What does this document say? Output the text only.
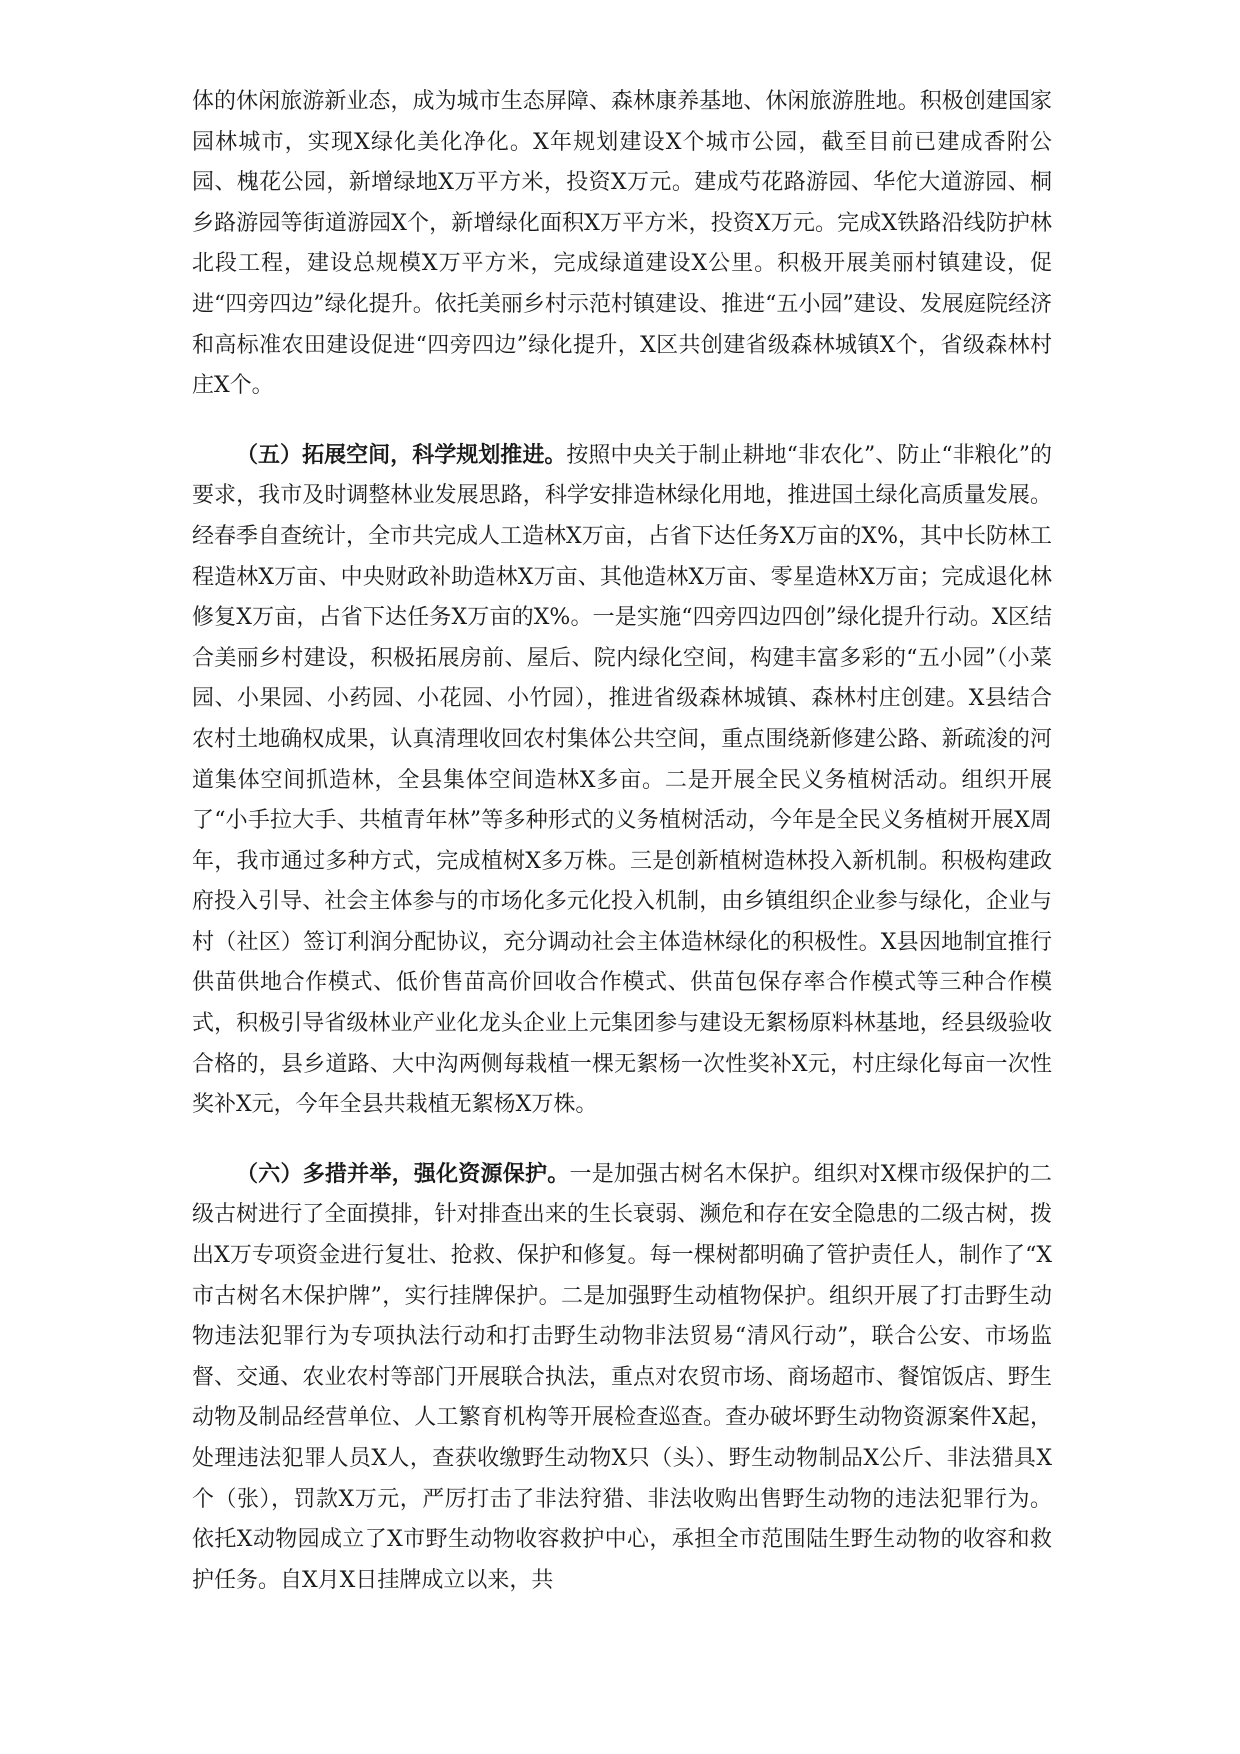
体的休闲旅游新业态，成为城市生态屏障、森林康养基地、休闲旅游胜地。积极创建国家园林城市，实现X绿化美化净化。X年规划建设X个城市公园，截至目前已建成香附公园、槐花公园，新增绿地X万平方米，投资X万元。建成芍花路游园、华佗大道游园、桐乡路游园等街道游园X个，新增绿化面积X万平方米，投资X万元。完成X铁路沿线防护林北段工程，建设总规模X万平方米，完成绿道建设X公里。积极开展美丽村镇建设，促进“四旁四边”绿化提升。依托美丽乡村示范村镇建设、推进“五小园”建设、发展庭院经济和高标准农田建设促进“四旁四边”绿化提升，X区共创建省级森林城镇X个，省级森林村庄X个。

（五）拓展空间，科学规划推进。按照中央关于制止耕地“非农化”、防止“非粮化”的要求，我市及时调整林业发展思路，科学安排造林绿化用地，推进国土绿化高质量发展。经春季自查统计，全市共完成人工造林X万亩，占省下达任务X万亩的X%，其中长防林工程造林X万亩、中央财政补助造林X万亩、其他造林X万亩、零星造林X万亩；完成退化林修复X万亩，占省下达任务X万亩的X%。一是实施“四旁四边四创”绿化提升行动。X区结合美丽乡村建设，积极拓展房前、屋后、院内绿化空间，构建丰富多彩的“五小园”（小菜园、小果园、小药园、小花园、小竹园），推进省级森林城镇、森林村庄创建。X县结合农村土地确权成果，认真清理收回农村集体公共空间，重点围绕新修建公路、新疏浚的河道集体空间抓造林，全县集体空间造林X多亩。二是开展全民义务植树活动。组织开展了“小手拉大手、共植青年林”等多种形式的义务植树活动，今年是全民义务植树开展X周年，我市通过多种方式，完成植树X多万株。三是创新植树造林投入新机制。积极构建政府投入引导、社会主体参与的市场化多元化投入机制，由乡镇组织企业参与绿化，企业与村（社区）签订利润分配协议，充分调动社会主体造林绿化的积极性。X县因地制宜推行供苗供地合作模式、低价售苗高价回收合作模式、供苗包保存率合作模式等三种合作模式，积极引导省级林业产业化龙头企业上元集团参与建设无絮杨原料林基地，经县级验收合格的，县乡道路、大中沟两侧每栽植一棵无絮杨一次性奖补X元，村庄绿化每亩一次性奖补X元，今年全县共栽植无絮杨X万株。

（六）多措并举，强化资源保护。一是加强古树名木保护。组织对X棵市级保护的二级古树进行了全面摸排，针对排查出来的生长衰弱、濒危和存在安全隐患的二级古树，拨出X万专项资金进行复壮、抢救、保护和修复。每一棵树都明确了管护责任人，制作了“X市古树名木保护牌”，实行挂牌保护。二是加强野生动植物保护。组织开展了打击野生动物违法犯罪行为专项执法行动和打击野生动物非法贸易“清风行动”，联合公安、市场监督、交通、农业农村等部门开展联合执法，重点对农贸市场、商场超市、餐馆饭店、野生动物及制品经营单位、人工繁育机构等开展检查巡查。查办破坏野生动物资源案件X起，处理违法犯罪人员X人，查获收缴野生动物X只（头）、野生动物制品X公斤、非法猎具X个（张），罚款X万元，严厉打击了非法狩猎、非法收购出售野生动物的违法犯罪行为。依托X动物园成立了X市野生动物收容救护中心，承担全市范围陆生野生动物的收容和救护任务。自X月X日挂牌成立以来，共
